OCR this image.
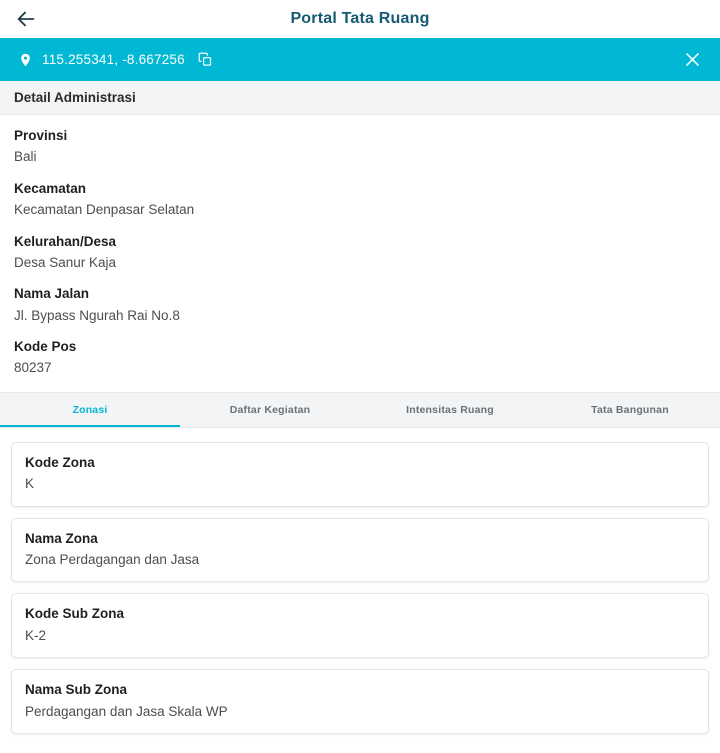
Portal Tata Ruang
115.255341, -8.667256
Detail Administrasi
Provinsi
Bali
Kecamatan
Kecamatan Denpasar Selatan
Kelurahan/Desa
Desa Sanur Kaja
Nama Jalan
Jl. Bypass Ngurah Rai No.8
Kode Pos
80237
Zonasi	Daftar Kegiatan	Intensitas Ruang	Tata Bangunan
Kode Zona
K
Nama Zona
Zona Perdagangan dan Jasa
Kode Sub Zona
K-2
Nama Sub Zona
Perdagangan dan Jasa Skala WP
